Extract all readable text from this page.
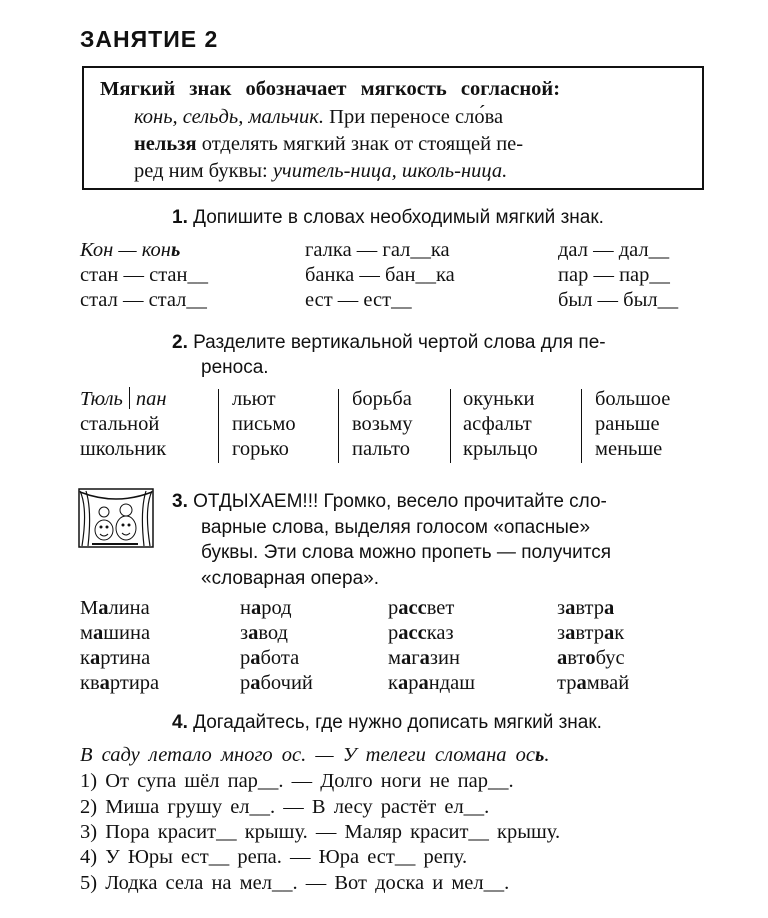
ЗАНЯТИЕ 2

Мягкий знак обозначает мягкость согласной:

конь, сельдь, мальчик. При переносе сло́ва

нельзя отделять мягкий знак от стоящей пе-

ред ним буквы: учитель-ница, школь-ница.

1. Допишите в словах необходимый мягкий знак.
Кон — конь
стан — стан__
стал — стал__
галка — гал__ка
банка — бан__ка
ест — ест__
дал — дал__
пар — пар__
был — был__
2. Разделите вертикальной чертой слова для пе-
реноса.
Тюль пан
стальной
школьник
льют
письмо
горько
борьба
возьму
пальто
окуньки
асфальт
крыльцо
большое
раньше
меньше
3. ОТДЫХАЕМ!!! Громко, весело прочитайте сло-
варные слова, выделяя голосом «опасные»
буквы. Эти слова можно пропеть — получится
«словарная опера».
Малина
машина
картина
квартира
народ
завод
работа
рабочий
рассвет
рассказ
магазин
карандаш
завтра
завтрак
автобус
трамвай
4. Догадайтесь, где нужно дописать мягкий знак.
В саду летало много ос. — У телеги сломана ось.
1) От супа шёл пар__. — Долго ноги не пар__.
2) Миша грушу ел__. — В лесу растёт ел__.
3) Пора красит__ крышу. — Маляр красит__ крышу.
4) У Юры ест__ репа. — Юра ест__ репу.
5) Лодка села на мел__. — Вот доска и мел__.
